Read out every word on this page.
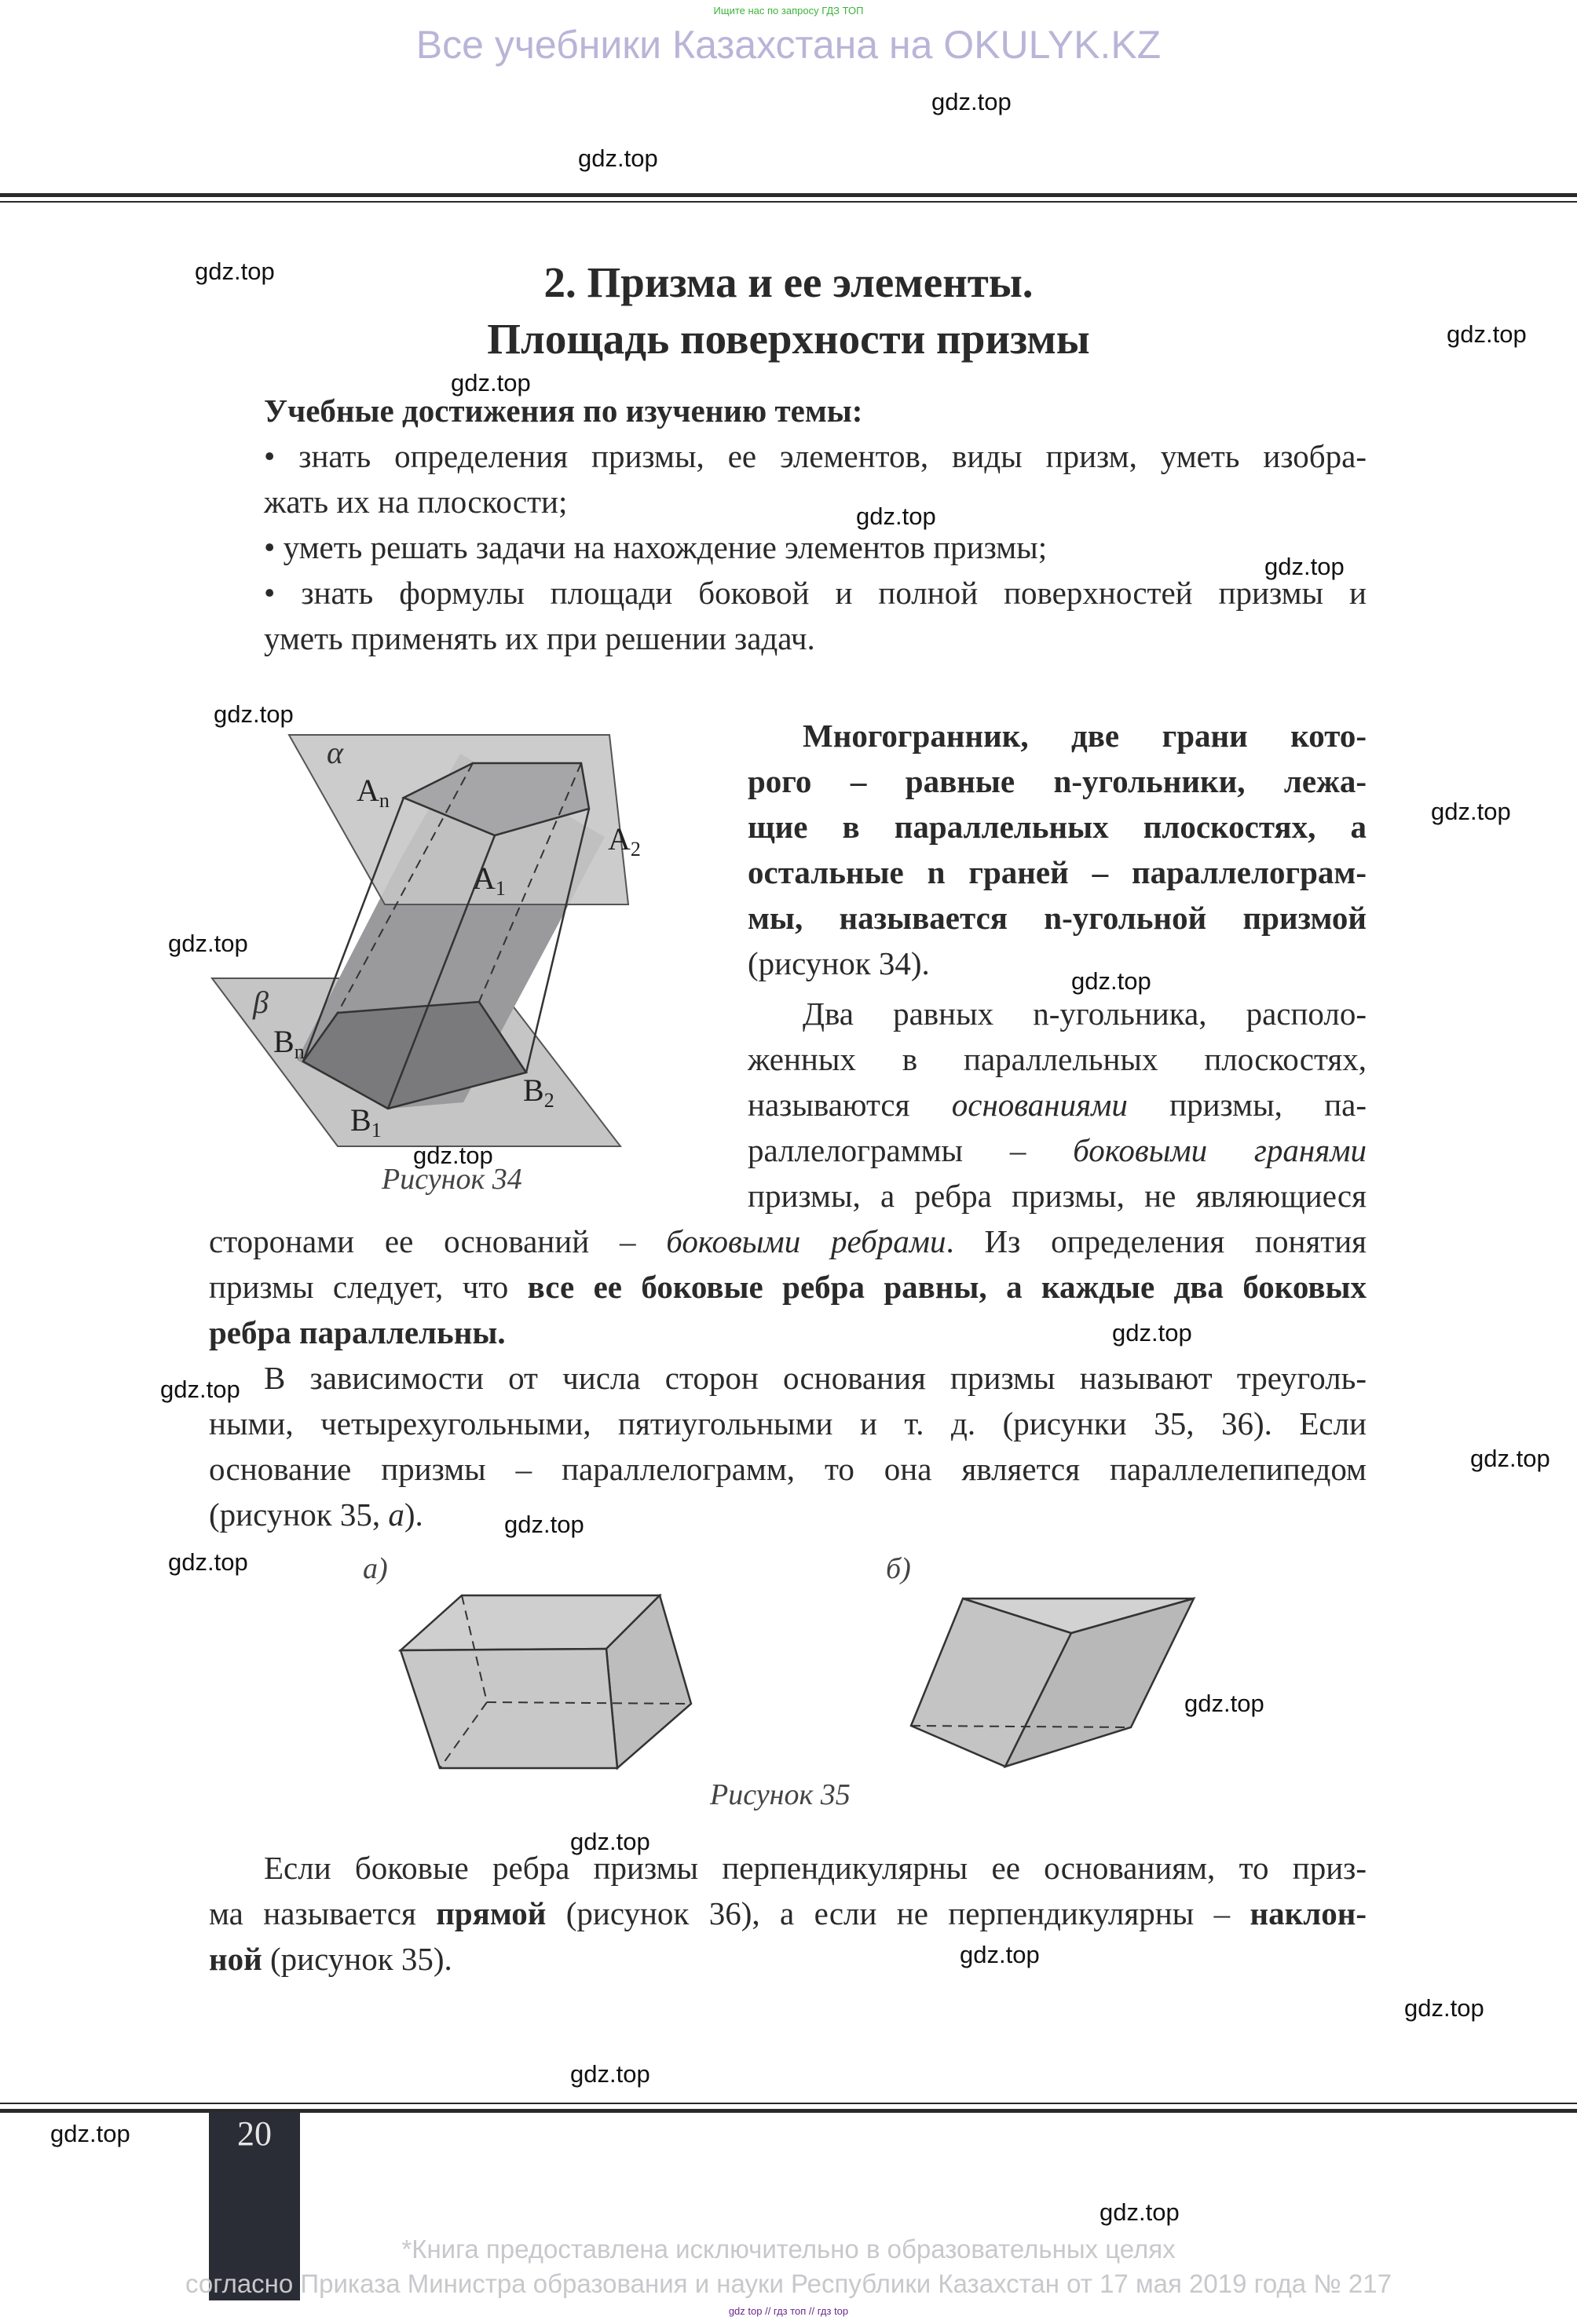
Ищите нас по запросу ГДЗ ТОП
Все учебники Казахстана на OKULYK.KZ
2. Призма и ее элементы.
Площадь поверхности призмы
Учебные достижения по изучению темы:
• знать определения призмы, ее элементов, виды призм, уметь изобра-
жать их на плоскости;
• уметь решать задачи на нахождение элементов призмы;
• знать формулы площади боковой и полной поверхностей призмы и
уметь применять их при решении задач.
α
β
$A_n$
$A_1$
$A_2$
$B_n$
$B_1$
$B_2$
Рисунок 34
Многогранник, две грани кото-
рого – равные n-угольники, лежа-
щие в параллельных плоскостях, а
остальные n граней – параллелограм-
мы, называется n-угольной призмой
(рисунок 34).
Два равных n-угольника, располо-
женных в параллельных плоскостях,
называются основаниями призмы, па-
раллелограммы – боковыми гранями
призмы, а ребра призмы, не являющиеся
сторонами ее оснований – боковыми ребрами. Из определения понятия
призмы следует, что все ее боковые ребра равны, а каждые два боковых
ребра параллельны.
В зависимости от числа сторон основания призмы называют треуголь-
ными, четырехугольными, пятиугольными и т. д. (рисунки 35, 36). Если
основание призмы – параллелограмм, то она является параллелепипедом
(рисунок 35, а).
а)	б)
Рисунок 35
Если боковые ребра призмы перпендикулярны ее основаниям, то приз-
ма называется прямой (рисунок 36), а если не перпендикулярны – наклон-
ной (рисунок 35).
20
*Книга предоставлена исключительно в образовательных целях
согласно Приказа Министра образования и науки Республики Казахстан от 17 мая 2019 года № 217
gdz top // гдз топ // гдз top
gdz.top
gdz.top
gdz.top
gdz.top
gdz.top
gdz.top
gdz.top
gdz.top
gdz.top
gdz.top
gdz.top
gdz.top
gdz.top
gdz.top
gdz.top
gdz.top
gdz.top
gdz.top
gdz.top
gdz.top
gdz.top
gdz.top
gdz.top
gdz.top
